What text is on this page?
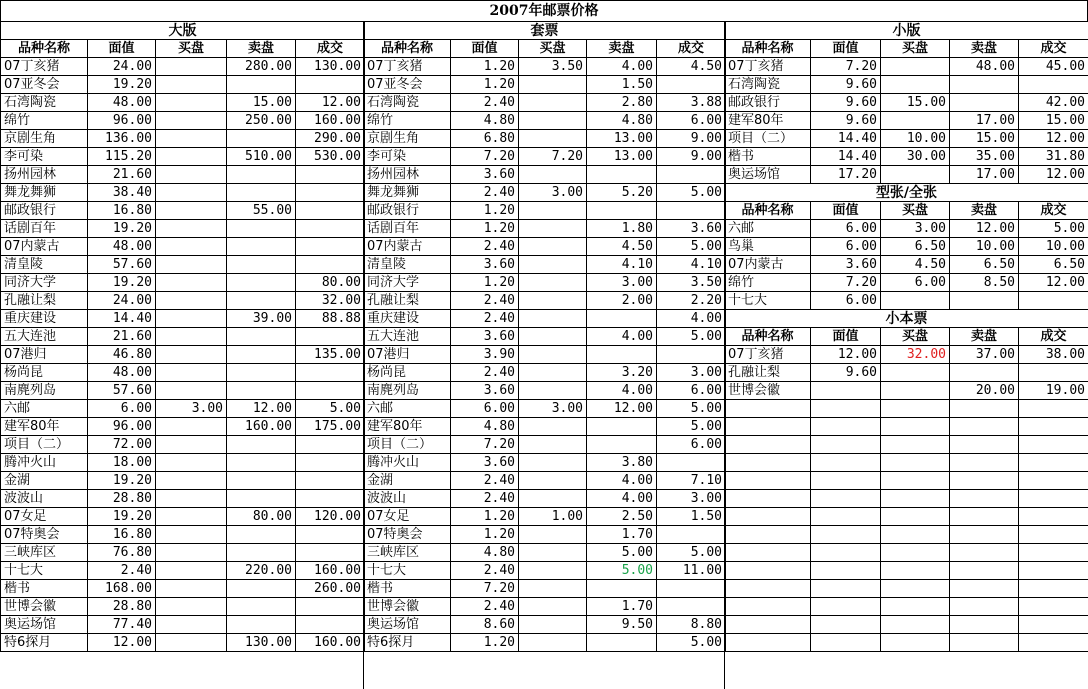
2007年邮票价格
大版				
品种名称	面值	买盘	卖盘	成交
07丁亥猪	24.00		280.00	130.00
07亚冬会	19.20			
石湾陶瓷	48.00		15.00	12.00
绵竹	96.00		250.00	160.00
京剧生角	136.00			290.00
李可染	115.20		510.00	530.00
扬州园林	21.60			
舞龙舞狮	38.40			
邮政银行	16.80		55.00	
话剧百年	19.20			
07内蒙古	48.00			
清皇陵	57.60			
同济大学	19.20			80.00
孔融让梨	24.00			32.00
重庆建设	14.40		39.00	88.88
五大连池	21.60			
07港归	46.80			135.00
杨尚昆	48.00			
南麂列岛	57.60			
六邮	6.00	3.00	12.00	5.00
建军80年	96.00		160.00	175.00
项目（二）	72.00			
腾冲火山	18.00			
金湖	19.20			
波波山	28.80			
07女足	19.20		80.00	120.00
07特奥会	16.80			
三峡库区	76.80			
十七大	2.40		220.00	160.00
楷书	168.00			260.00
世博会徽	28.80			
奥运场馆	77.40			
特6探月	12.00		130.00	160.00
套票				
品种名称	面值	买盘	卖盘	成交
07丁亥猪	1.20	3.50	4.00	4.50
07亚冬会	1.20		1.50	
石湾陶瓷	2.40		2.80	3.88
绵竹	4.80		4.80	6.00
京剧生角	6.80		13.00	9.00
李可染	7.20	7.20	13.00	9.00
扬州园林	3.60			
舞龙舞狮	2.40	3.00	5.20	5.00
邮政银行	1.20			
话剧百年	1.20		1.80	3.60
07内蒙古	2.40		4.50	5.00
清皇陵	3.60		4.10	4.10
同济大学	1.20		3.00	3.50
孔融让梨	2.40		2.00	2.20
重庆建设	2.40			4.00
五大连池	3.60		4.00	5.00
07港归	3.90			
杨尚昆	2.40		3.20	3.00
南麂列岛	3.60		4.00	6.00
六邮	6.00	3.00	12.00	5.00
建军80年	4.80			5.00
项目（二）	7.20			6.00
腾冲火山	3.60		3.80	
金湖	2.40		4.00	7.10
波波山	2.40		4.00	3.00
07女足	1.20	1.00	2.50	1.50
07特奥会	1.20		1.70	
三峡库区	4.80		5.00	5.00
十七大	2.40		5.00	11.00
楷书	7.20			
世博会徽	2.40		1.70	
奥运场馆	8.60		9.50	8.80
特6探月	1.20			5.00
小版				
品种名称	面值	买盘	卖盘	成交
07丁亥猪	7.20		48.00	45.00
石湾陶瓷	9.60			
邮政银行	9.60	15.00		42.00
建军80年	9.60		17.00	15.00
项目（二）	14.40	10.00	15.00	12.00
楷书	14.40	30.00	35.00	31.80
奥运场馆	17.20		17.00	12.00
型张/全张				
品种名称	面值	买盘	卖盘	成交
六邮	6.00	3.00	12.00	5.00
鸟巢	6.00	6.50	10.00	10.00
07内蒙古	3.60	4.50	6.50	6.50
绵竹	7.20	6.00	8.50	12.00
十七大	6.00			
小本票				
品种名称	面值	买盘	卖盘	成交
07丁亥猪	12.00	32.00	37.00	38.00
孔融让梨	9.60			
世博会徽			20.00	19.00
